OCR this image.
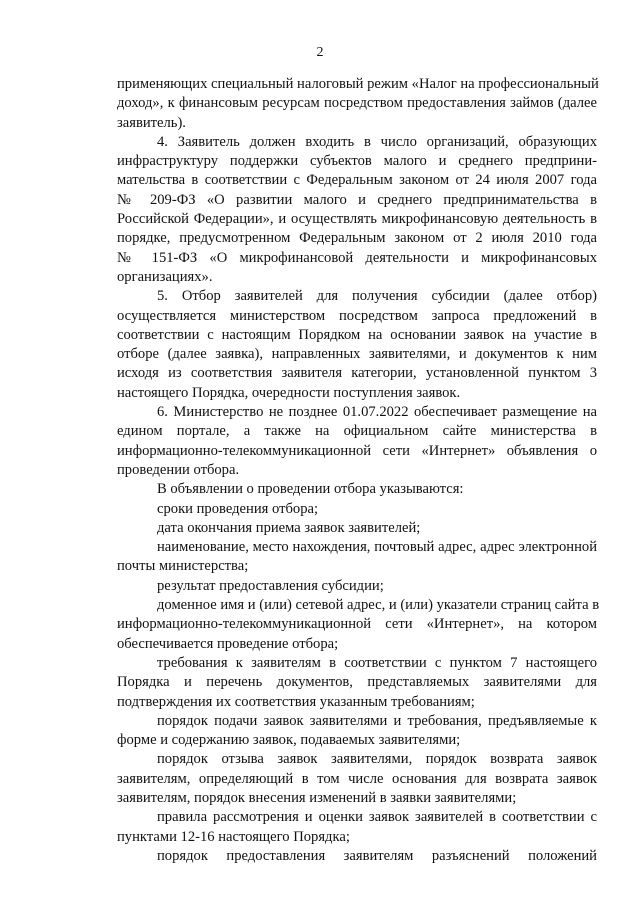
2
применяющих специальный налоговый режим «Налог на профессиональный
доход», к финансовым ресурсам посредством предоставления займов (далее
заявитель).
4. Заявитель должен входить в число организаций, образующих
инфраструктуру поддержки субъектов малого и среднего предприни-
мательства в соответствии с Федеральным законом от 24 июля 2007 года
№ 209-ФЗ «О развитии малого и среднего предпринимательства в
Российской Федерации», и осуществлять микрофинансовую деятельность в
порядке, предусмотренном Федеральным законом от 2 июля 2010 года
№ 151-ФЗ «О микрофинансовой деятельности и микрофинансовых
организациях».
5. Отбор заявителей для получения субсидии (далее отбор)
осуществляется министерством посредством запроса предложений в
соответствии с настоящим Порядком на основании заявок на участие в
отборе (далее заявка), направленных заявителями, и документов к ним
исходя из соответствия заявителя категории, установленной пунктом 3
настоящего Порядка, очередности поступления заявок.
6. Министерство не позднее 01.07.2022 обеспечивает размещение на
едином портале, а также на официальном сайте министерства в
информационно-телекоммуникационной сети «Интернет» объявления о
проведении отбора.
В объявлении о проведении отбора указываются:
сроки проведения отбора;
дата окончания приема заявок заявителей;
наименование, место нахождения, почтовый адрес, адрес электронной
почты министерства;
результат предоставления субсидии;
доменное имя и (или) сетевой адрес, и (или) указатели страниц сайта в
информационно-телекоммуникационной сети «Интернет», на котором
обеспечивается проведение отбора;
требования к заявителям в соответствии с пунктом 7 настоящего
Порядка и перечень документов, представляемых заявителями для
подтверждения их соответствия указанным требованиям;
порядок подачи заявок заявителями и требования, предъявляемые к
форме и содержанию заявок, подаваемых заявителями;
порядок отзыва заявок заявителями, порядок возврата заявок
заявителям, определяющий в том числе основания для возврата заявок
заявителям, порядок внесения изменений в заявки заявителями;
правила рассмотрения и оценки заявок заявителей в соответствии с
пунктами 12-16 настоящего Порядка;
порядок предоставления заявителям разъяснений положений
